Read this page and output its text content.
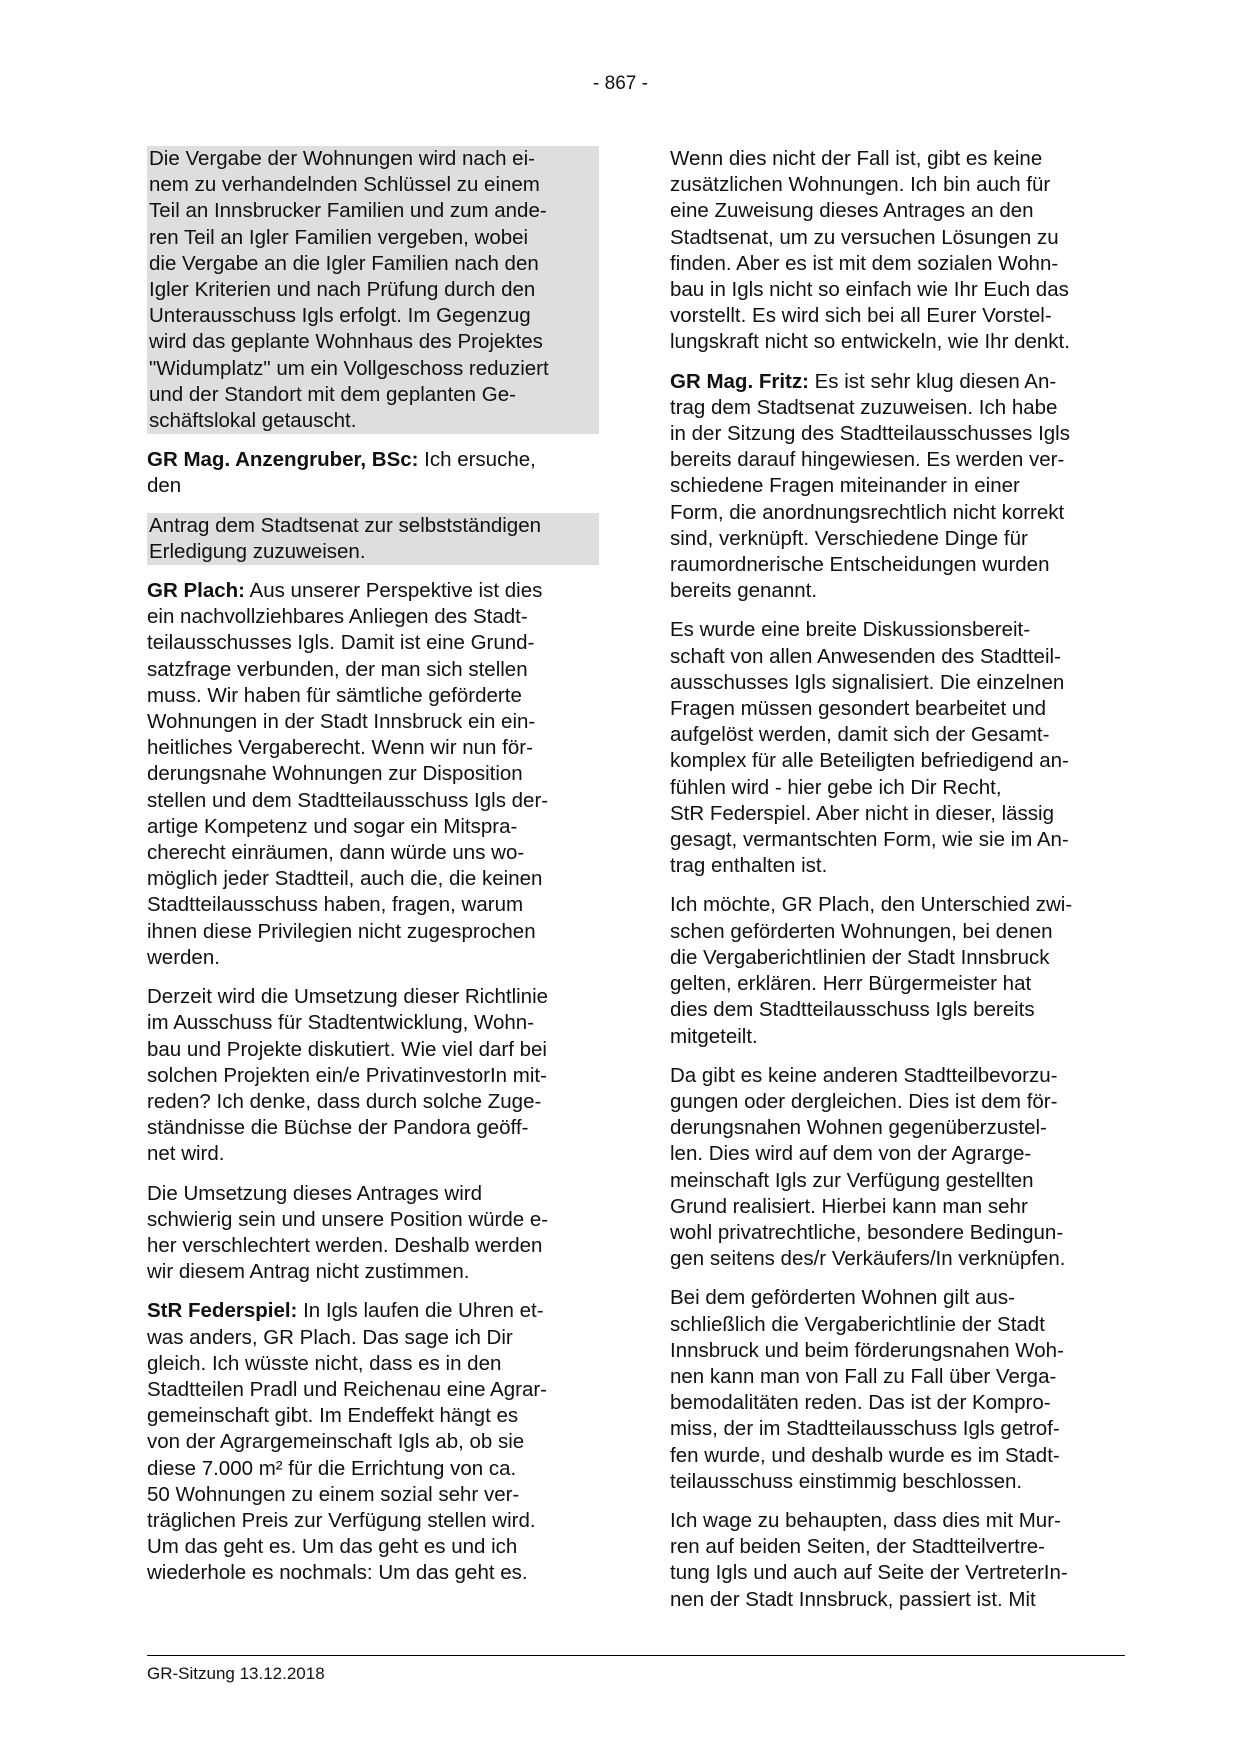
- 867 -
Die Vergabe der Wohnungen wird nach ei-
nem zu verhandelnden Schlüssel zu einem
Teil an Innsbrucker Familien und zum ande-
ren Teil an Igler Familien vergeben, wobei
die Vergabe an die Igler Familien nach den
Igler Kriterien und nach Prüfung durch den
Unterausschuss Igls erfolgt. Im Gegenzug
wird das geplante Wohnhaus des Projektes
"Widumplatz" um ein Vollgeschoss reduziert
und der Standort mit dem geplanten Ge-
schäftslokal getauscht.
GR Mag. Anzengruber, BSc: Ich ersuche,
den
Antrag dem Stadtsenat zur selbstständigen
Erledigung zuzuweisen.
GR Plach: Aus unserer Perspektive ist dies
ein nachvollziehbares Anliegen des Stadt-
teilausschusses Igls. Damit ist eine Grund-
satzfrage verbunden, der man sich stellen
muss. Wir haben für sämtliche geförderte
Wohnungen in der Stadt Innsbruck ein ein-
heitliches Vergaberecht. Wenn wir nun för-
derungsnahe Wohnungen zur Disposition
stellen und dem Stadtteilausschuss Igls der-
artige Kompetenz und sogar ein Mitspra-
cherecht einräumen, dann würde uns wo-
möglich jeder Stadtteil, auch die, die keinen
Stadtteilausschuss haben, fragen, warum
ihnen diese Privilegien nicht zugesprochen
werden.
Derzeit wird die Umsetzung dieser Richtlinie
im Ausschuss für Stadtentwicklung, Wohn-
bau und Projekte diskutiert. Wie viel darf bei
solchen Projekten ein/e PrivatinvestorIn mit-
reden? Ich denke, dass durch solche Zuge-
ständnisse die Büchse der Pandora geöff-
net wird.
Die Umsetzung dieses Antrages wird
schwierig sein und unsere Position würde e-
her verschlechtert werden. Deshalb werden
wir diesem Antrag nicht zustimmen.
StR Federspiel: In Igls laufen die Uhren et-
was anders, GR Plach. Das sage ich Dir
gleich. Ich wüsste nicht, dass es in den
Stadtteilen Pradl und Reichenau eine Agrar-
gemeinschaft gibt. Im Endeffekt hängt es
von der Agrargemeinschaft Igls ab, ob sie
diese 7.000 m² für die Errichtung von ca.
50 Wohnungen zu einem sozial sehr ver-
träglichen Preis zur Verfügung stellen wird.
Um das geht es. Um das geht es und ich
wiederhole es nochmals: Um das geht es.
Wenn dies nicht der Fall ist, gibt es keine
zusätzlichen Wohnungen. Ich bin auch für
eine Zuweisung dieses Antrages an den
Stadtsenat, um zu versuchen Lösungen zu
finden. Aber es ist mit dem sozialen Wohn-
bau in Igls nicht so einfach wie Ihr Euch das
vorstellt. Es wird sich bei all Eurer Vorstel-
lungskraft nicht so entwickeln, wie Ihr denkt.
GR Mag. Fritz: Es ist sehr klug diesen An-
trag dem Stadtsenat zuzuweisen. Ich habe
in der Sitzung des Stadtteilausschusses Igls
bereits darauf hingewiesen. Es werden ver-
schiedene Fragen miteinander in einer
Form, die anordnungsrechtlich nicht korrekt
sind, verknüpft. Verschiedene Dinge für
raumordnerische Entscheidungen wurden
bereits genannt.
Es wurde eine breite Diskussionsbereit-
schaft von allen Anwesenden des Stadtteil-
ausschusses Igls signalisiert. Die einzelnen
Fragen müssen gesondert bearbeitet und
aufgelöst werden, damit sich der Gesamt-
komplex für alle Beteiligten befriedigend an-
fühlen wird - hier gebe ich Dir Recht,
StR Federspiel. Aber nicht in dieser, lässig
gesagt, vermantschten Form, wie sie im An-
trag enthalten ist.
Ich möchte, GR Plach, den Unterschied zwi-
schen geförderten Wohnungen, bei denen
die Vergaberichtlinien der Stadt Innsbruck
gelten, erklären. Herr Bürgermeister hat
dies dem Stadtteilausschuss Igls bereits
mitgeteilt.
Da gibt es keine anderen Stadtteilbevorzu-
gungen oder dergleichen. Dies ist dem för-
derungsnahen Wohnen gegenüberzustel-
len. Dies wird auf dem von der Agrarge-
meinschaft Igls zur Verfügung gestellten
Grund realisiert. Hierbei kann man sehr
wohl privatrechtliche, besondere Bedingun-
gen seitens des/r Verkäufers/In verknüpfen.
Bei dem geförderten Wohnen gilt aus-
schließlich die Vergaberichtlinie der Stadt
Innsbruck und beim förderungsnahen Woh-
nen kann man von Fall zu Fall über Verga-
bemodalitäten reden. Das ist der Kompro-
miss, der im Stadtteilausschuss Igls getrof-
fen wurde, und deshalb wurde es im Stadt-
teilausschuss einstimmig beschlossen.
Ich wage zu behaupten, dass dies mit Mur-
ren auf beiden Seiten, der Stadtteilvertre-
tung Igls und auch auf Seite der VertreterIn-
nen der Stadt Innsbruck, passiert ist. Mit
GR-Sitzung 13.12.2018
